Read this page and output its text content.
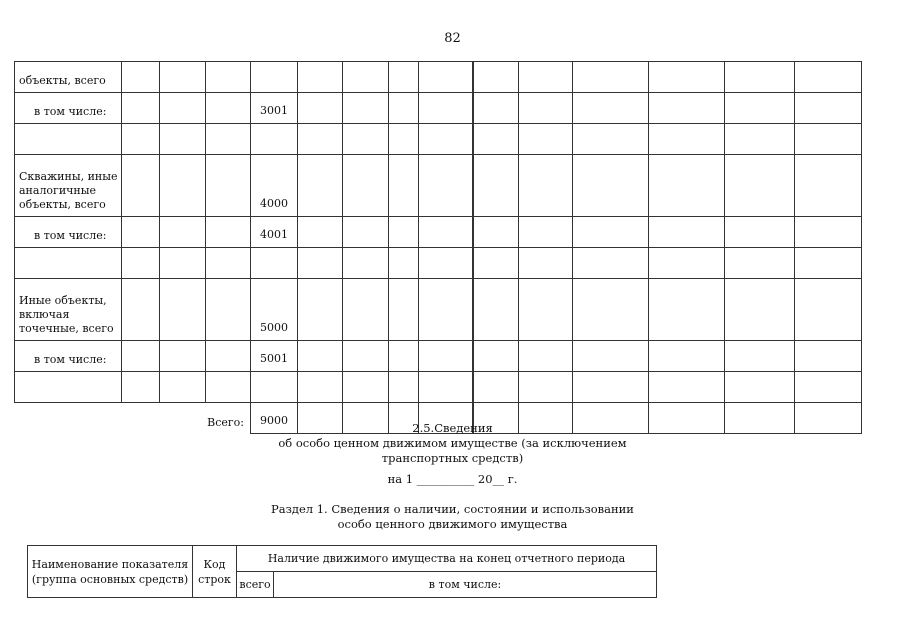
82
объекты, всего														
в том числе:				3001										

Скважины, иные аналогичные объекты, всего				4000										
в том числе:				4001										

Иные объекты, включая точечные, всего				5000										
в том числе:				5001										

Всего:				9000										
2.5.Сведения
об особо ценном движимом имуществе (за исключением
транспортных средств)
на 1 __________ 20__ г.
Раздел 1. Сведения о наличии, состоянии и использовании
особо ценного движимого имущества
Наименование показателя (группа основных средств)	Код строк	Наличие движимого имущества на конец отчетного периода	
		всего	в том числе:
